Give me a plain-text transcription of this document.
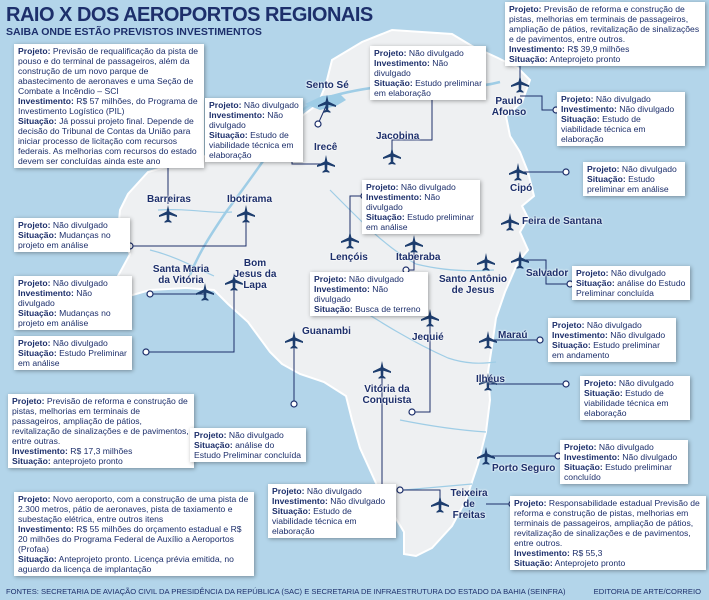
RAIO X DOS AEROPORTOS REGIONAIS
SAIBA ONDE ESTÃO PREVISTOS INVESTIMENTOS
Sento Sé
Paulo Afonso
Jacobina
Irecê
Cipó
Barreiras	Ibotirama
Feira de Santana
Lençóis	Itaberaba
Salvador
Santa Maria da Vitória
Bom Jesus da Lapa
Santo Antônio de Jesus
Guanambi
Jequié	Maraú
Vitória da Conquista
Ilhéus
Porto Seguro
Teixeira de Freitas
Projeto: Previsão de requalificação da pista de pouso e do terminal de passageiros, além da construção de um novo parque de abastecimento de aeronaves e uma Seção de Combate a Incêndio – SCI
Investimento: R$ 57 milhões, do Programa de Investimento Logístico (PIL)
Situação: Já possui projeto final. Depende de decisão do Tribunal de Contas da União para iniciar processo de licitação com recursos federais. As melhorias com recursos do estado devem ser concluídas ainda este ano
Projeto: Previsão de reforma e construção de pistas, melhorias em terminais de passageiros, ampliação de pátios, revitalização de sinalizações e de pavimentos, entre outros.
Investimento: R$ 39,9 milhões
Situação: Anteprojeto pronto
Projeto: Não divulgado
Investimento: Não divulgado
Situação: Estudo preliminar em elaboração
Projeto: Não divulgado
Investimento: Não divulgado
Situação: Estudo de viabilidade técnica em elaboração
Projeto: Não divulgado
Investimento: Não divulgado
Situação: Estudo de viabilidade técnica em elaboração
Projeto: Não divulgado
Situação: Estudo preliminar em análise
Projeto: Não divulgado
Investimento: Não divulgado
Situação: Estudo preliminar em análise
Projeto: Não divulgado
Situação: Mudanças no projeto em análise
Projeto: Não divulgado
Situação: análise do Estudo Preliminar concluída
Projeto: Não divulgado
Investimento: Não divulgado
Situação: Mudanças no projeto em análise
Projeto: Não divulgado
Investimento: Não divulgado
Situação: Busca de terreno
Projeto: Não divulgado
Situação: Estudo Preliminar em análise
Projeto: Não divulgado
Investimento: Não divulgado
Situação: Estudo preliminar em andamento
Projeto: Previsão de reforma e construção de pistas, melhorias em terminais de passageiros, ampliação de pátios, revitalização de sinalizações e de pavimentos, entre outras.
Investimento: R$ 17,3 milhões
Situação: anteprojeto pronto
Projeto: Não divulgado
Situação: Estudo de viabilidade técnica em elaboração
Projeto: Não divulgado
Situação: análise do Estudo Preliminar concluída
Projeto: Não divulgado
Investimento: Não divulgado
Situação: Estudo preliminar concluído
Projeto: Novo aeroporto, com a construção de uma pista de 2.300 metros, pátio de aeronaves, pista de taxiamento e subestação elétrica, entre outros itens
Investimento: R$ 55 milhões do orçamento estadual e R$ 20 milhões do Programa Federal de Auxílio a Aeroportos (Profaa)
Situação: Anteprojeto pronto. Licença prévia emitida, no aguardo da licença de implantação
Projeto: Não divulgado
Investimento: Não divulgado
Situação: Estudo de viabilidade técnica em elaboração
Projeto: Responsabilidade estadual Previsão de reforma e construção de pistas, melhorias em terminais de passageiros, ampliação de pátios, revitalização de sinalizações e de pavimentos, entre outros.
Investimento: R$ 55,3
Situação: Anteprojeto pronto
FONTES: SECRETARIA DE AVIAÇÃO CIVIL DA PRESIDÊNCIA DA REPÚBLICA (SAC) E SECRETARIA DE INFRAESTRUTURA DO ESTADO DA BAHIA (SEINFRA)	EDITORIA DE ARTE/CORREIO
